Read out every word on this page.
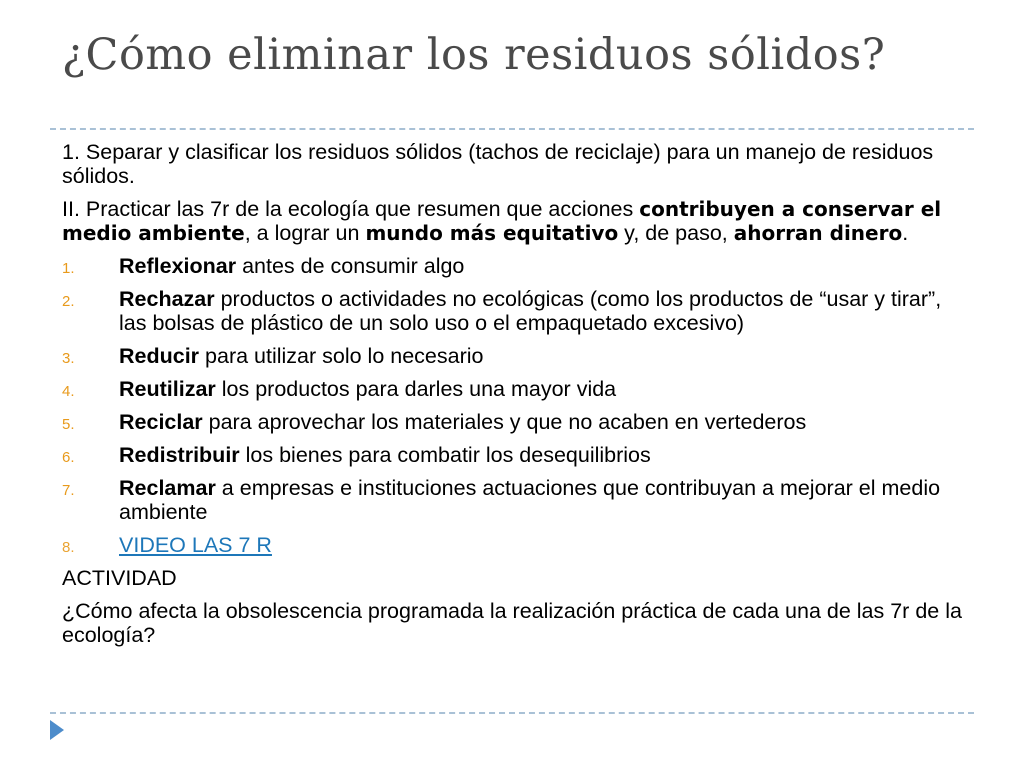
¿Cómo eliminar los residuos sólidos?

1. Separar y clasificar los residuos sólidos (tachos de reciclaje) para un manejo de residuos sólidos.

II. Practicar las 7r de la ecología que resumen que acciones contribuyen a conservar el medio ambiente, a lograr un mundo más equitativo y, de paso, ahorran dinero.

1. Reflexionar antes de consumir algo
2. Rechazar productos o actividades no ecológicas (como los productos de “usar y tirar”, las bolsas de plástico de un solo uso o el empaquetado excesivo)
3. Reducir para utilizar solo lo necesario
4. Reutilizar los productos para darles una mayor vida
5. Reciclar para aprovechar los materiales y que no acaben en vertederos
6. Redistribuir los bienes para combatir los desequilibrios
7. Reclamar a empresas e instituciones actuaciones que contribuyan a mejorar el medio ambiente
8. VIDEO LAS 7 R

ACTIVIDAD

¿Cómo afecta la obsolescencia programada la realización práctica de cada una de las 7r de la ecología?
